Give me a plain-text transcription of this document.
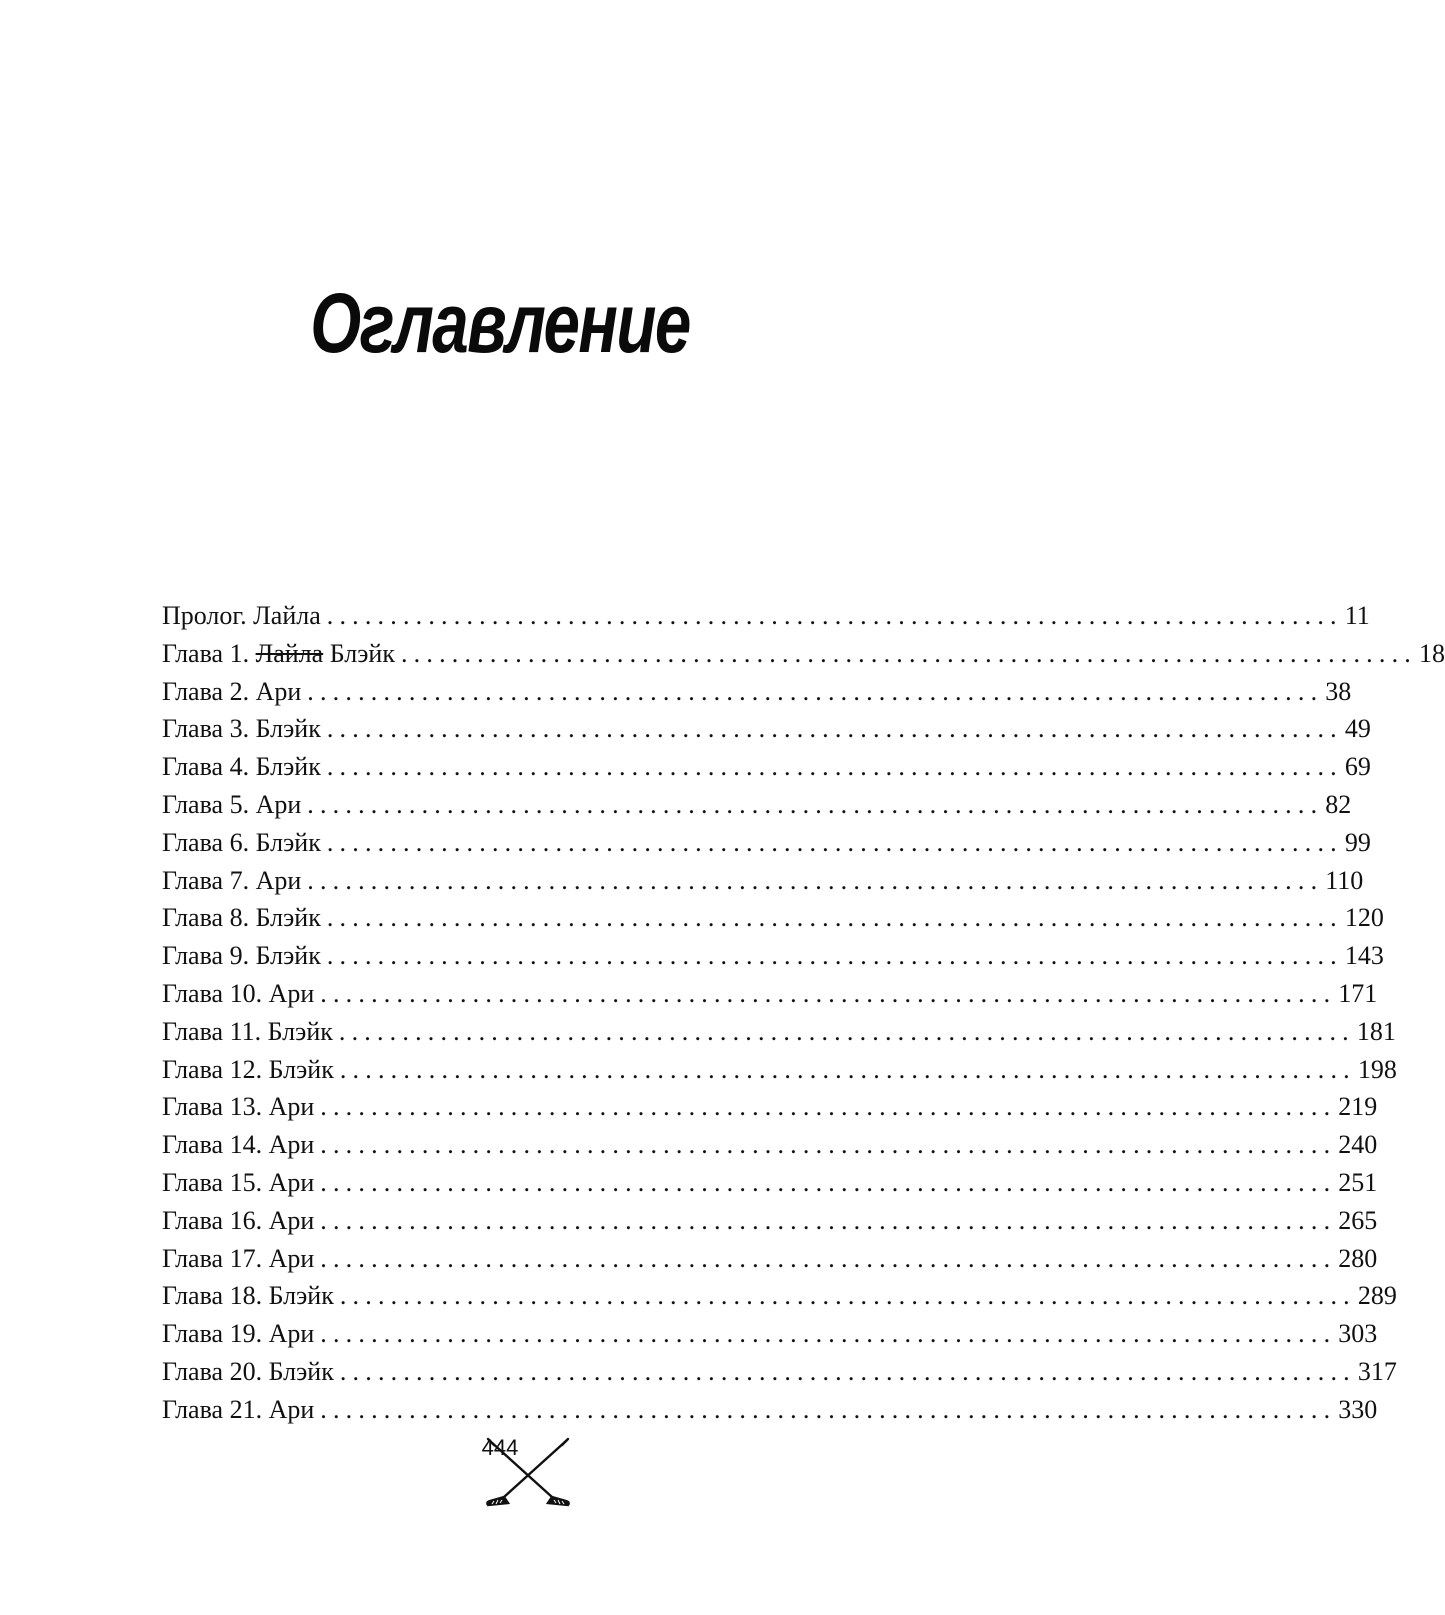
Оглавление
Пролог. Лайла ................................................................................ 11
Глава 1. Лайла Блэйк ................................................................................ 18
Глава 2. Ари ................................................................................ 38
Глава 3. Блэйк ................................................................................ 49
Глава 4. Блэйк ................................................................................ 69
Глава 5. Ари ................................................................................ 82
Глава 6. Блэйк ................................................................................ 99
Глава 7. Ари ................................................................................ 110
Глава 8. Блэйк ................................................................................ 120
Глава 9. Блэйк ................................................................................ 143
Глава 10. Ари ................................................................................ 171
Глава 11. Блэйк ................................................................................ 181
Глава 12. Блэйк ................................................................................ 198
Глава 13. Ари ................................................................................ 219
Глава 14. Ари ................................................................................ 240
Глава 15. Ари ................................................................................ 251
Глава 16. Ари ................................................................................ 265
Глава 17. Ари ................................................................................ 280
Глава 18. Блэйк ................................................................................ 289
Глава 19. Ари ................................................................................ 303
Глава 20. Блэйк ................................................................................ 317
Глава 21. Ари ................................................................................ 330
444
